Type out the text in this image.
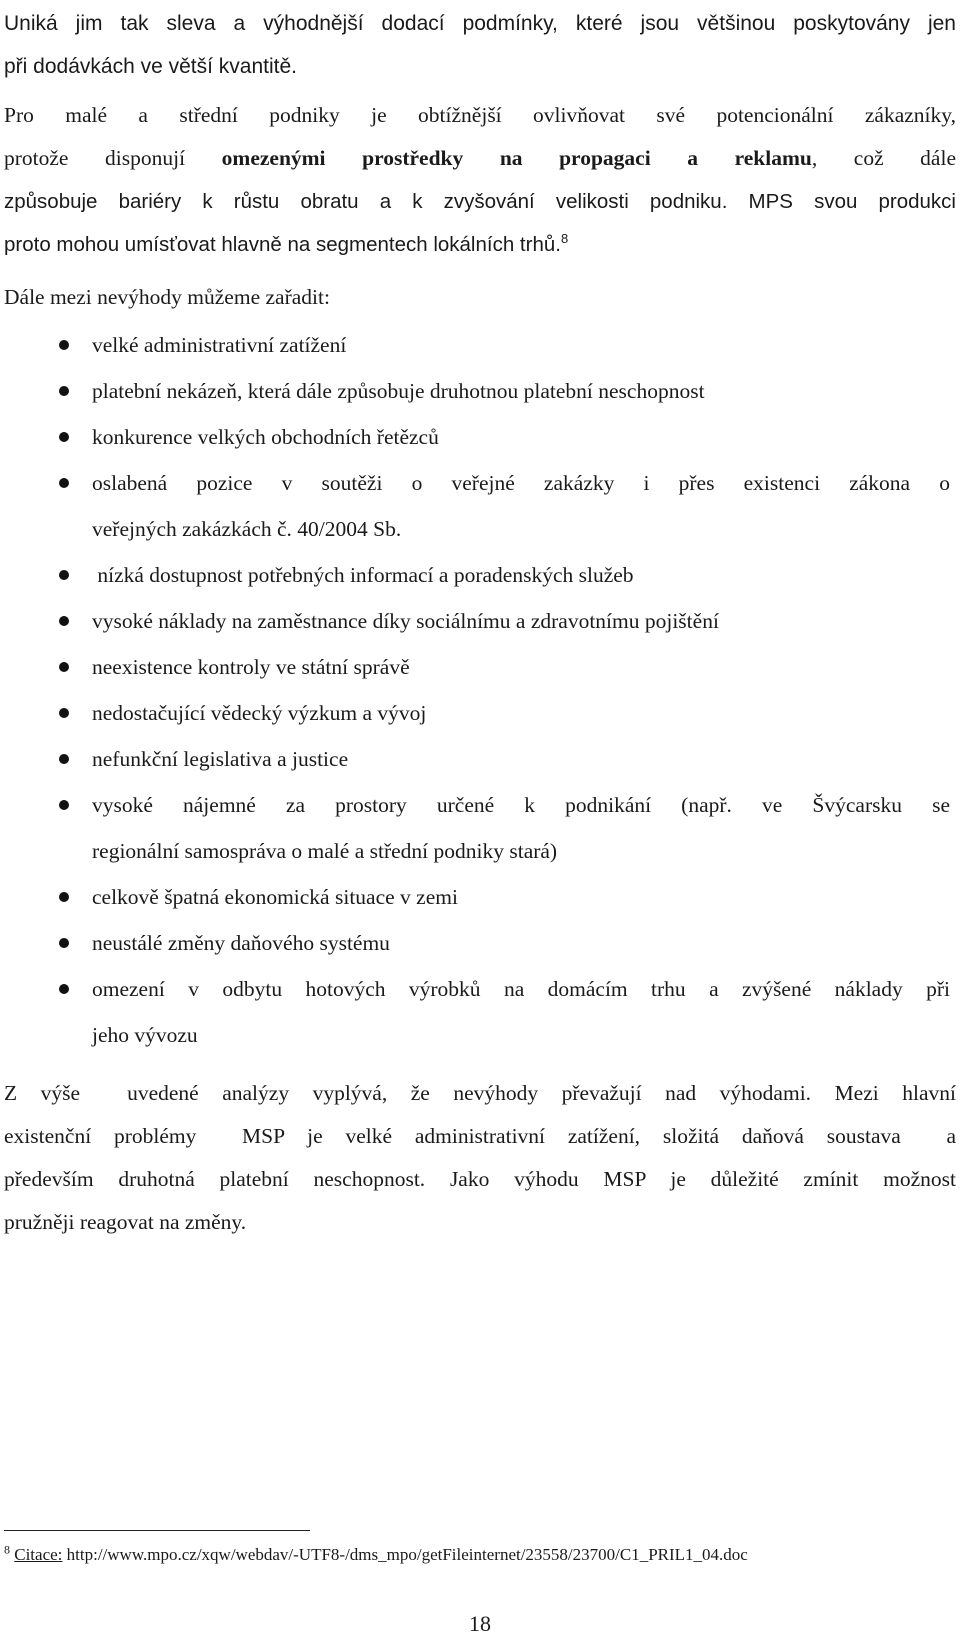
Uniká jim tak sleva a výhodnější dodací podmínky, které jsou většinou poskytovány jen
při dodávkách ve větší kvantitě.
Pro malé a střední podniky je obtížnější ovlivňovat své potencionální zákazníky,
protože disponují omezenými prostředky na propagaci a reklamu, což dále
způsobuje bariéry k růstu obratu a k zvyšování velikosti podniku. MPS svou produkci
proto mohou umísťovat hlavně na segmentech lokálních trhů.$^8$
Dále mezi nevýhody můžeme zařadit:
velké administrativní zatížení
platební nekázeň, která dále způsobuje druhotnou platební neschopnost
konkurence velkých obchodních řetězců
oslabená pozice v soutěži o veřejné zakázky i přes existenci zákona o
veřejných zakázkách č. 40/2004 Sb.
nízká dostupnost potřebných informací a poradenských služeb
vysoké náklady na zaměstnance díky sociálnímu a zdravotnímu pojištění
neexistence kontroly ve státní správě
nedostačující vědecký výzkum a vývoj
nefunkční legislativa a justice
vysoké nájemné za prostory určené k podnikání (např. ve Švýcarsku se
regionální samospráva o malé a střední podniky stará)
celkově špatná ekonomická situace v zemi
neustálé změny daňového systému
omezení v odbytu hotových výrobků na domácím trhu a zvýšené náklady při
jeho vývozu
Z výše  uvedené analýzy vyplývá, že nevýhody převažují nad výhodami. Mezi hlavní
existenční problémy  MSP je velké administrativní zatížení, složitá daňová soustava  a
především druhotná platební neschopnost. Jako výhodu MSP je důležité zmínit možnost
pružněji reagovat na změny.
$^8$ Citace: http://www.mpo.cz/xqw/webdav/-UTF8-/dms_mpo/getFileinternet/23558/23700/C1_PRIL1_04.doc
18
